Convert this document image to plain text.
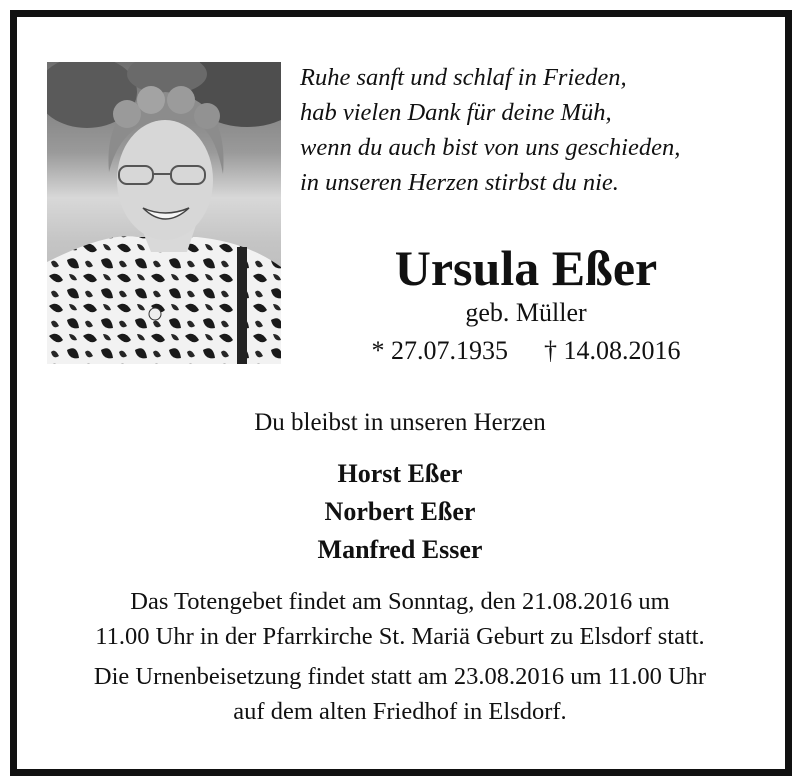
Ruhe sanft und schlaf in Frieden,
hab vielen Dank für deine Müh,
wenn du auch bist von uns geschieden,
in unseren Herzen stirbst du nie.
Ursula Eßer
geb. Müller
* 27.07.1935 † 14.08.2016
Du bleibst in unseren Herzen
Horst Eßer
Norbert Eßer
Manfred Esser
Das Totengebet findet am Sonntag, den 21.08.2016 um
11.00 Uhr in der Pfarrkirche St. Mariä Geburt zu Elsdorf statt.
Die Urnenbeisetzung findet statt am 23.08.2016 um 11.00 Uhr
auf dem alten Friedhof in Elsdorf.
